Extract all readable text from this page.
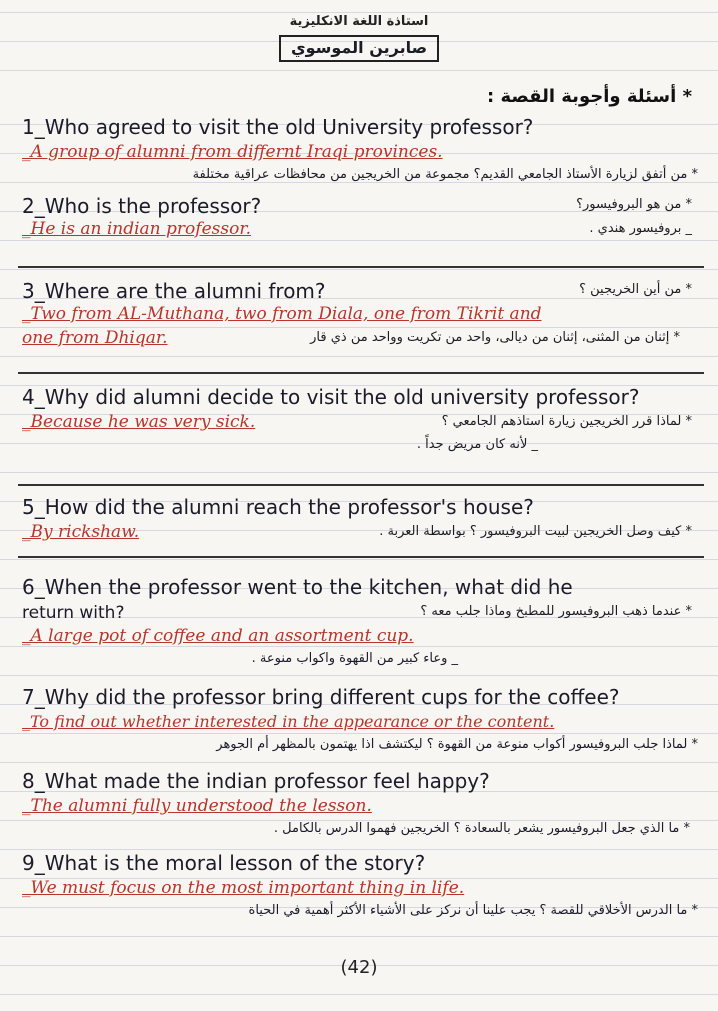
استاذة اللغة الانكليزية
صابرين الموسوي
* أسئلة وأجوبة القصة :
1_Who agreed to visit the old University professor?
_A group of alumni from differnt Iraqi provinces.
* من أتفق لزيارة الأستاذ الجامعي القديم؟ مجموعة من الخريجين من محافظات عراقية مختلفة
2_Who is the professor?	* من هو البروفيسور؟
_He is an indian professor.	_ بروفيسور هندي .
3_Where are the alumni from?	* من أين الخريجين ؟
_Two from AL-Muthana, two from Diala, one from Tikrit and
one from Dhiqar.	* إثنان من المثنى، إثنان من ديالى، واحد من تكريت وواحد من ذي قار
4_Why did alumni decide to visit the old university professor?
_Because he was very sick.	* لماذا قرر الخريجين زيارة استاذهم الجامعي ؟
_ لأنه كان مريض جداً .
5_How did the alumni reach the professor's house?
_By rickshaw.	* كيف وصل الخريجين لبيت البروفيسور ؟ بواسطة العربة .
6_When the professor went to the kitchen, what did he
return with?	* عندما ذهب البروفيسور للمطبخ وماذا جلب معه ؟
_A large pot of coffee and an assortment cup.
_ وعاء كبير من القهوة واكواب منوعة .
7_Why did the professor bring different cups for the coffee?
_To find out whether interested in the appearance or the content.
* لماذا جلب البروفيسور أكواب منوعة من القهوة ؟ ليكتشف اذا يهتمون بالمظهر أم الجوهر
8_What made the indian professor feel happy?
_The alumni fully understood the lesson.
* ما الذي جعل البروفيسور يشعر بالسعادة ؟ الخريجين فهموا الدرس بالكامل .
9_What is the moral lesson of the story?
_We must focus on the most important thing in life.
* ما الدرس الأخلاقي للقصة ؟ يجب علينا أن نركز على الأشياء الأكثر أهمية في الحياة
(42)
